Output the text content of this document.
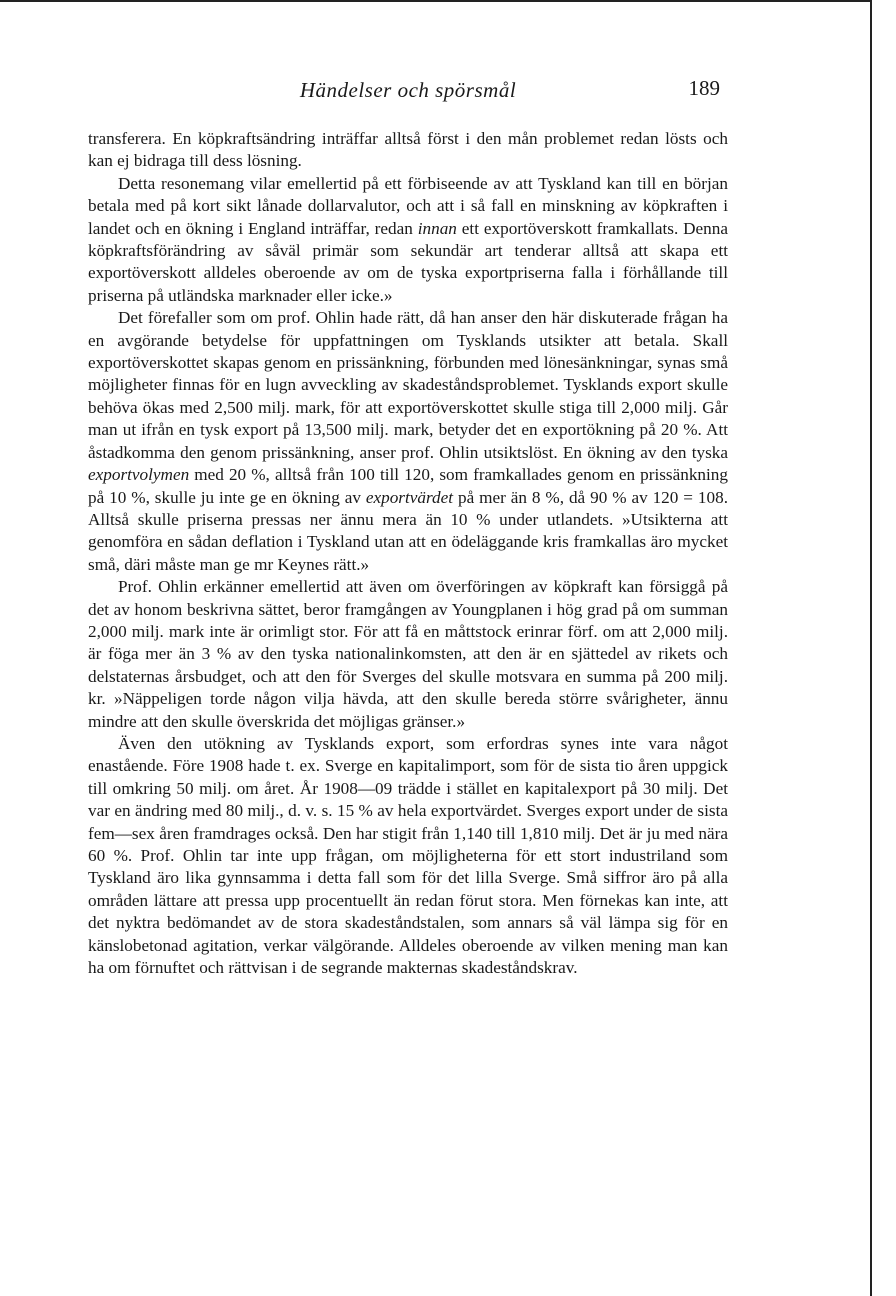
Händelser och spörsmål	189

transferera. En köpkraftsändring inträffar alltså först i den mån problemet redan lösts och kan ej bidraga till dess lösning.

Detta resonemang vilar emellertid på ett förbiseende av att Tyskland kan till en början betala med på kort sikt lånade dollarvalutor, och att i så fall en minskning av köpkraften i landet och en ökning i England inträffar, redan innan ett exportöverskott framkallats. Denna köpkraftsförändring av såväl primär som sekundär art tenderar alltså att skapa ett exportöverskott alldeles oberoende av om de tyska exportpriserna falla i förhållande till priserna på utländska marknader eller icke.»

Det förefaller som om prof. Ohlin hade rätt, då han anser den här diskuterade frågan ha en avgörande betydelse för uppfattningen om Tysklands utsikter att betala. Skall exportöverskottet skapas genom en prissänkning, förbunden med lönesänkningar, synas små möjligheter finnas för en lugn avveckling av skadeståndsproblemet. Tysklands export skulle behöva ökas med 2,500 milj. mark, för att exportöverskottet skulle stiga till 2,000 milj. Går man ut ifrån en tysk export på 13,500 milj. mark, betyder det en exportökning på 20 %. Att åstadkomma den genom prissänkning, anser prof. Ohlin utsiktslöst. En ökning av den tyska exportvolymen med 20 %, alltså från 100 till 120, som framkallades genom en prissänkning på 10 %, skulle ju inte ge en ökning av exportvärdet på mer än 8 %, då 90 % av 120 = 108. Alltså skulle priserna pressas ner ännu mera än 10 % under utlandets. »Utsikterna att genomföra en sådan deflation i Tyskland utan att en ödeläggande kris framkallas äro mycket små, däri måste man ge mr Keynes rätt.»

Prof. Ohlin erkänner emellertid att även om överföringen av köpkraft kan försiggå på det av honom beskrivna sättet, beror framgången av Youngplanen i hög grad på om summan 2,000 milj. mark inte är orimligt stor. För att få en måttstock erinrar förf. om att 2,000 milj. är föga mer än 3 % av den tyska nationalinkomsten, att den är en sjättedel av rikets och delstaternas årsbudget, och att den för Sverges del skulle motsvara en summa på 200 milj. kr. »Näppeligen torde någon vilja hävda, att den skulle bereda större svårigheter, ännu mindre att den skulle överskrida det möjligas gränser.»

Även den utökning av Tysklands export, som erfordras synes inte vara något enastående. Före 1908 hade t. ex. Sverge en kapitalimport, som för de sista tio åren uppgick till omkring 50 milj. om året. År 1908—09 trädde i stället en kapitalexport på 30 milj. Det var en ändring med 80 milj., d. v. s. 15 % av hela exportvärdet. Sverges export under de sista fem—sex åren framdrages också. Den har stigit från 1,140 till 1,810 milj. Det är ju med nära 60 %. Prof. Ohlin tar inte upp frågan, om möjligheterna för ett stort industriland som Tyskland äro lika gynnsamma i detta fall som för det lilla Sverge. Små siffror äro på alla områden lättare att pressa upp procentuellt än redan förut stora. Men förnekas kan inte, att det nyktra bedömandet av de stora skadeståndstalen, som annars så väl lämpa sig för en känslobetonad agitation, verkar välgörande. Alldeles oberoende av vilken mening man kan ha om förnuftet och rättvisan i de segrande makternas skadeståndskrav.
